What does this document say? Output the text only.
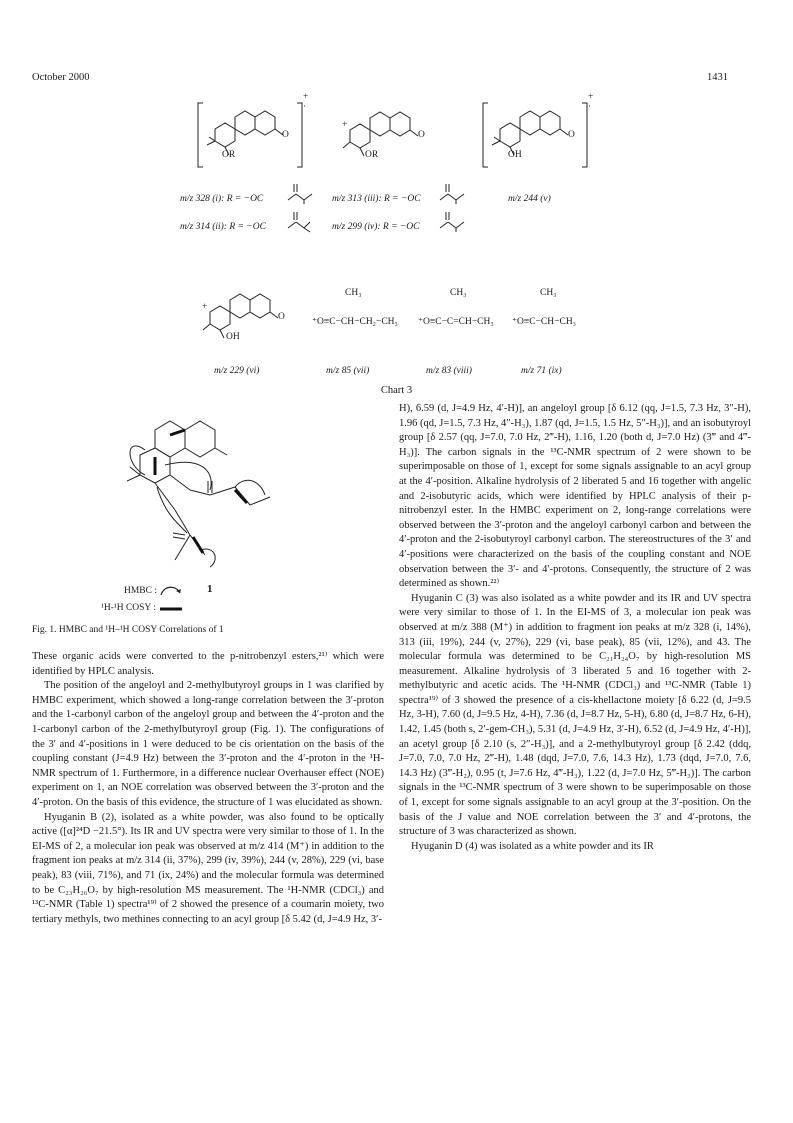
October 2000	1431
+
·
OR
O
+
OR
O
+
·
OH
O
m/z 328 (i): R = −OC	m/z 313 (iii): R = −OC	m/z 244 (v)
m/z 314 (ii): R = −OC	m/z 299 (iv): R = −OC
+
OH
O
CH₃
⁺O≡C−CH−CH₂−CH₃
CH₃
⁺O≡C−C=CH−CH₃
CH₃
⁺O≡C−CH−CH₃
m/z 229 (vi)	m/z 85 (vii)	m/z 83 (viii)	m/z 71 (ix)
Chart 3
HMBC :	1
¹H-¹H COSY :
Fig. 1. HMBC and ¹H–¹H COSY Correlations of 1

These organic acids were converted to the p-nitrobenzyl esters,²¹⁾ which were identified by HPLC analysis.

The position of the angeloyl and 2-methylbutyroyl groups in 1 was clarified by HMBC experiment, which showed a long-range correlation between the 3′-proton and the 1-carbonyl carbon of the angeloyl group and between the 4′-proton and the 1-carbonyl carbon of the 2-methylbutyroyl group (Fig. 1). The configurations of the 3′ and 4′-positions in 1 were deduced to be cis orientation on the basis of the coupling constant (J=4.9 Hz) between the 3′-proton and the 4′-proton in the ¹H-NMR spectrum of 1. Furthermore, in a difference nuclear Overhauser effect (NOE) experiment on 1, an NOE correlation was observed between the 3′-proton and the 4′-proton. On the basis of this evidence, the structure of 1 was elucidated as shown.

Hyuganin B (2), isolated as a white powder, was also found to be optically active ([α]²⁴D −21.5°). Its IR and UV spectra were very similar to those of 1. In the EI-MS of 2, a molecular ion peak was observed at m/z 414 (M⁺) in addition to the fragment ion peaks at m/z 314 (ii, 37%), 299 (iv, 39%), 244 (v, 28%), 229 (vi, base peak), 83 (viii, 71%), and 71 (ix, 24%) and the molecular formula was determined to be C₂₃H₂₆O₇ by high-resolution MS measurement. The ¹H-NMR (CDCl₃) and ¹³C-NMR (Table 1) spectra¹⁹⁾ of 2 showed the presence of a coumarin moiety, two tertiary methyls, two methines connecting to an acyl group [δ 5.42 (d, J=4.9 Hz, 3′-

H), 6.59 (d, J=4.9 Hz, 4′-H)], an angeloyl group [δ 6.12 (qq, J=1.5, 7.3 Hz, 3″-H), 1.96 (qd, J=1.5, 7.3 Hz, 4″-H₃), 1.87 (qd, J=1.5, 1.5 Hz, 5″-H₃)], and an isobutyroyl group [δ 2.57 (qq, J=7.0, 7.0 Hz, 2‴-H), 1.16, 1.20 (both d, J=7.0 Hz) (3‴ and 4‴-H₃)]. The carbon signals in the ¹³C-NMR spectrum of 2 were shown to be superimposable on those of 1, except for some signals assignable to an acyl group at the 4′-position. Alkaline hydrolysis of 2 liberated 5 and 16 together with angelic and 2-isobutyric acids, which were identified by HPLC analysis of their p-nitrobenzyl ester. In the HMBC experiment on 2, long-range correlations were observed between the 3′-proton and the angeloyl carbonyl carbon and between the 4′-proton and the 2-isobutyroyl carbonyl carbon. The stereostructures of the 3′ and 4′-positions were characterized on the basis of the coupling constant and NOE observation between the 3′- and 4′-protons. Consequently, the structure of 2 was determined as shown.²²⁾

Hyuganin C (3) was also isolated as a white powder and its IR and UV spectra were very similar to those of 1. In the EI-MS of 3, a molecular ion peak was observed at m/z 388 (M⁺) in addition to fragment ion peaks at m/z 328 (i, 14%), 313 (iii, 19%), 244 (v, 27%), 229 (vi, base peak), 85 (vii, 12%), and 43. The molecular formula was determined to be C₂₁H₂₄O₇ by high-resolution MS measurement. Alkaline hydrolysis of 3 liberated 5 and 16 together with 2-methylbutyric and acetic acids. The ¹H-NMR (CDCl₃) and ¹³C-NMR (Table 1) spectra¹⁹⁾ of 3 showed the presence of a cis-khellactone moiety [δ 6.22 (d, J=9.5 Hz, 3-H), 7.60 (d, J=9.5 Hz, 4-H), 7.36 (d, J=8.7 Hz, 5-H), 6.80 (d, J=8.7 Hz, 6-H), 1.42, 1.45 (both s, 2′-gem-CH₃), 5.31 (d, J=4.9 Hz, 3′-H), 6.52 (d, J=4.9 Hz, 4′-H)], an acetyl group [δ 2.10 (s, 2″-H₃)], and a 2-methylbutyroyl group [δ 2.42 (ddq, J=7.0, 7.0, 7.0 Hz, 2‴-H), 1.48 (dqd, J=7.0, 7.6, 14.3 Hz), 1.73 (dqd, J=7.0, 7.6, 14.3 Hz) (3‴-H₂), 0.95 (t, J=7.6 Hz, 4‴-H₃), 1.22 (d, J=7.0 Hz, 5‴-H₃)]. The carbon signals in the ¹³C-NMR spectrum of 3 were shown to be superimposable on those of 1, except for some signals assignable to an acyl group at the 3′-position. On the basis of the J value and NOE correlation between the 3′ and 4′-protons, the structure of 3 was characterized as shown.

Hyuganin D (4) was isolated as a white powder and its IR
